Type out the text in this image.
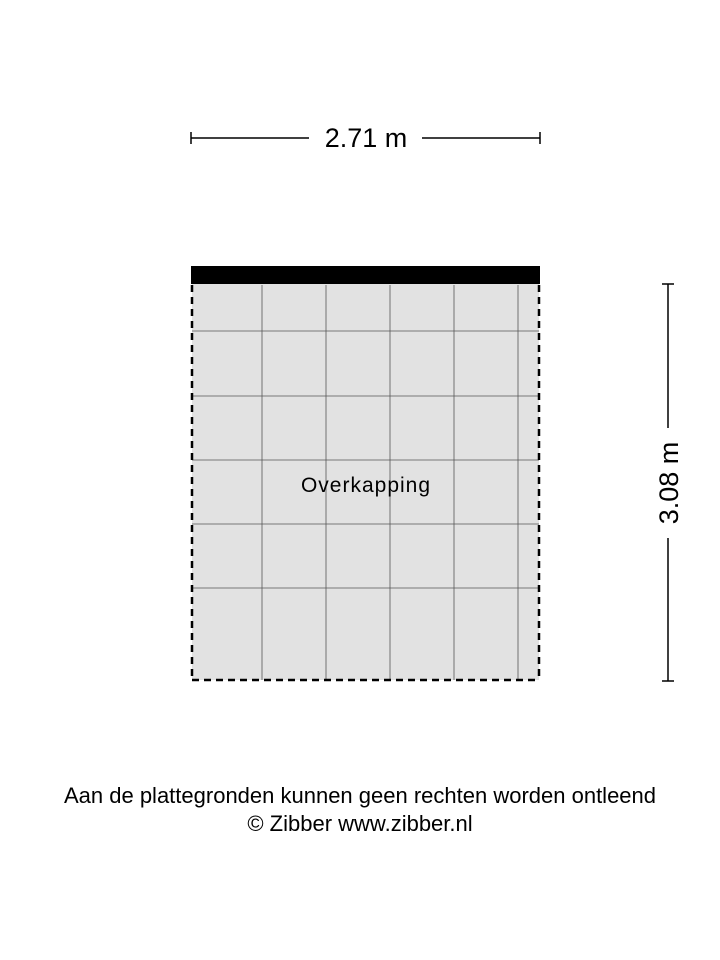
2.71 m
Overkapping	3.08 m
Aan de plattegronden kunnen geen rechten worden ontleend
© Zibber www.zibber.nl
